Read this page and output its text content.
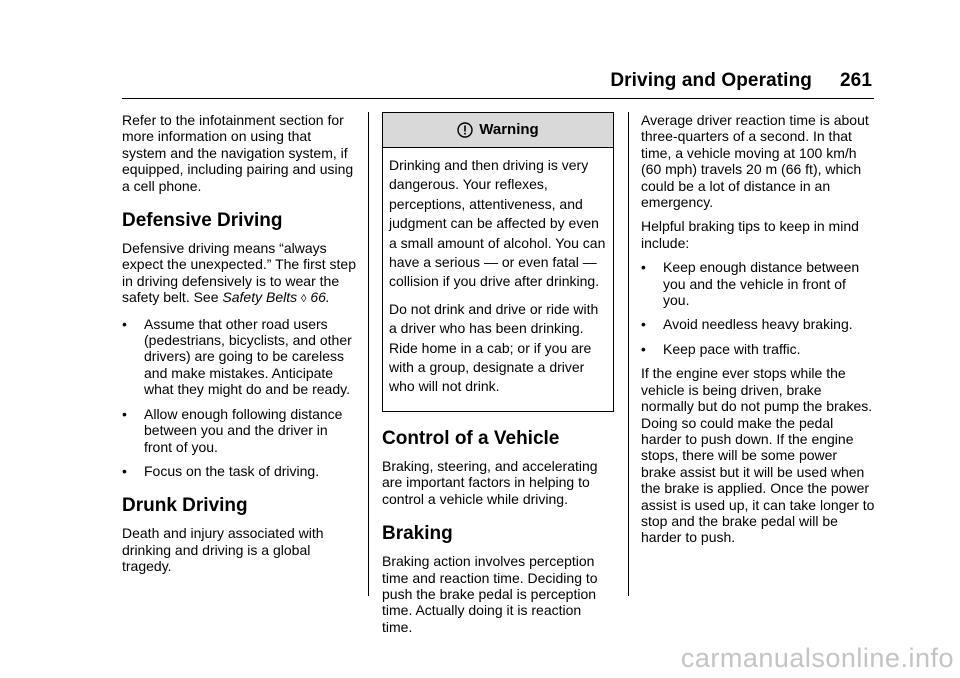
Driving and Operating 261

Refer to the infotainment section for more information on using that system and the navigation system, if equipped, including pairing and using a cell phone.

Defensive Driving

Defensive driving means “always expect the unexpected.” The first step in driving defensively is to wear the safety belt. See Safety Belts ◊ 66.

•	Assume that other road users (pedestrians, bicyclists, and other drivers) are going to be careless and make mistakes. Anticipate what they might do and be ready.
•	Allow enough following distance between you and the driver in front of you.
•	Focus on the task of driving.
Drunk Driving

Death and injury associated with drinking and driving is a global tragedy.

Warning

Drinking and then driving is very dangerous. Your reflexes, perceptions, attentiveness, and judgment can be affected by even a small amount of alcohol. You can have a serious — or even fatal — collision if you drive after drinking.

Do not drink and drive or ride with a driver who has been drinking. Ride home in a cab; or if you are with a group, designate a driver who will not drink.

Control of a Vehicle

Braking, steering, and accelerating are important factors in helping to control a vehicle while driving.

Braking

Braking action involves perception time and reaction time. Deciding to push the brake pedal is perception time. Actually doing it is reaction time.

Average driver reaction time is about three-quarters of a second. In that time, a vehicle moving at 100 km/h (60 mph) travels 20 m (66 ft), which could be a lot of distance in an emergency.

Helpful braking tips to keep in mind include:

•	Keep enough distance between you and the vehicle in front of you.
•	Avoid needless heavy braking.
•	Keep pace with traffic.

If the engine ever stops while the vehicle is being driven, brake normally but do not pump the brakes. Doing so could make the pedal harder to push down. If the engine stops, there will be some power brake assist but it will be used when the brake is applied. Once the power assist is used up, it can take longer to stop and the brake pedal will be harder to push.

carmanualsonline.info
